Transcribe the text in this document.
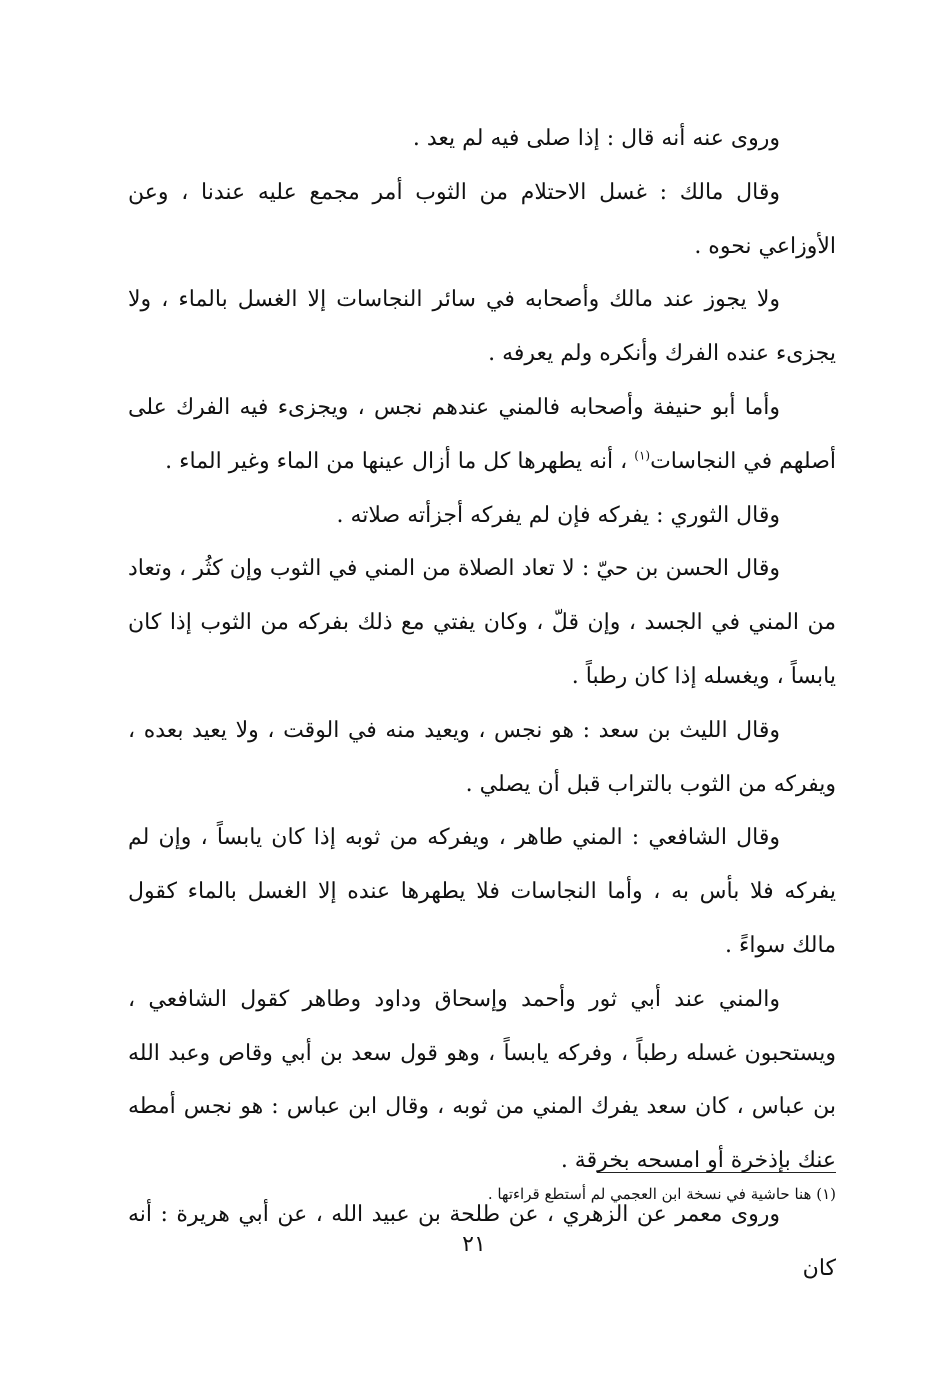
وروى عنه أنه قال : إذا صلى فيه لم يعد .

وقال مالك : غسل الاحتلام من الثوب أمر مجمع عليه عندنا ، وعن الأوزاعي نحوه .

ولا يجوز عند مالك وأصحابه في سائر النجاسات إلا الغسل بالماء ، ولا يجزىء عنده الفرك وأنكره ولم يعرفه .

وأما أبو حنيفة وأصحابه فالمني عندهم نجس ، ويجزىء فيه الفرك على أصلهم في النجاسات$^{(١)}$ ، أنه يطهرها كل ما أزال عينها من الماء وغير الماء .

وقال الثوري : يفركه فإن لم يفركه أجزأته صلاته .

وقال الحسن بن حيّ : لا تعاد الصلاة من المني في الثوب وإن كثُر ، وتعاد من المني في الجسد ، وإن قلّ ، وكان يفتي مع ذلك بفركه من الثوب إذا كان يابساً ، ويغسله إذا كان رطباً .

وقال الليث بن سعد : هو نجس ، ويعيد منه في الوقت ، ولا يعيد بعده ، ويفركه من الثوب بالتراب قبل أن يصلي .

وقال الشافعي : المني طاهر ، ويفركه من ثوبه إذا كان يابساً ، وإن لم يفركه فلا بأس به ، وأما النجاسات فلا يطهرها عنده إلا الغسل بالماء كقول مالك سواءً .

والمني عند أبي ثور وأحمد وإسحاق وداود وطاهر كقول الشافعي ، ويستحبون غسله رطباً ، وفركه يابساً ، وهو قول سعد بن أبي وقاص وعبد الله بن عباس ، كان سعد يفرك المني من ثوبه ، وقال ابن عباس : هو نجس أمطه عنك بإذخرة أو امسحه بخرقة .

وروى معمر عن الزهري ، عن طلحة بن عبيد الله ، عن أبي هريرة : أنه كان

(١) هنا حاشية في نسخة ابن العجمي لم أستطع قراءتها .
٢١
